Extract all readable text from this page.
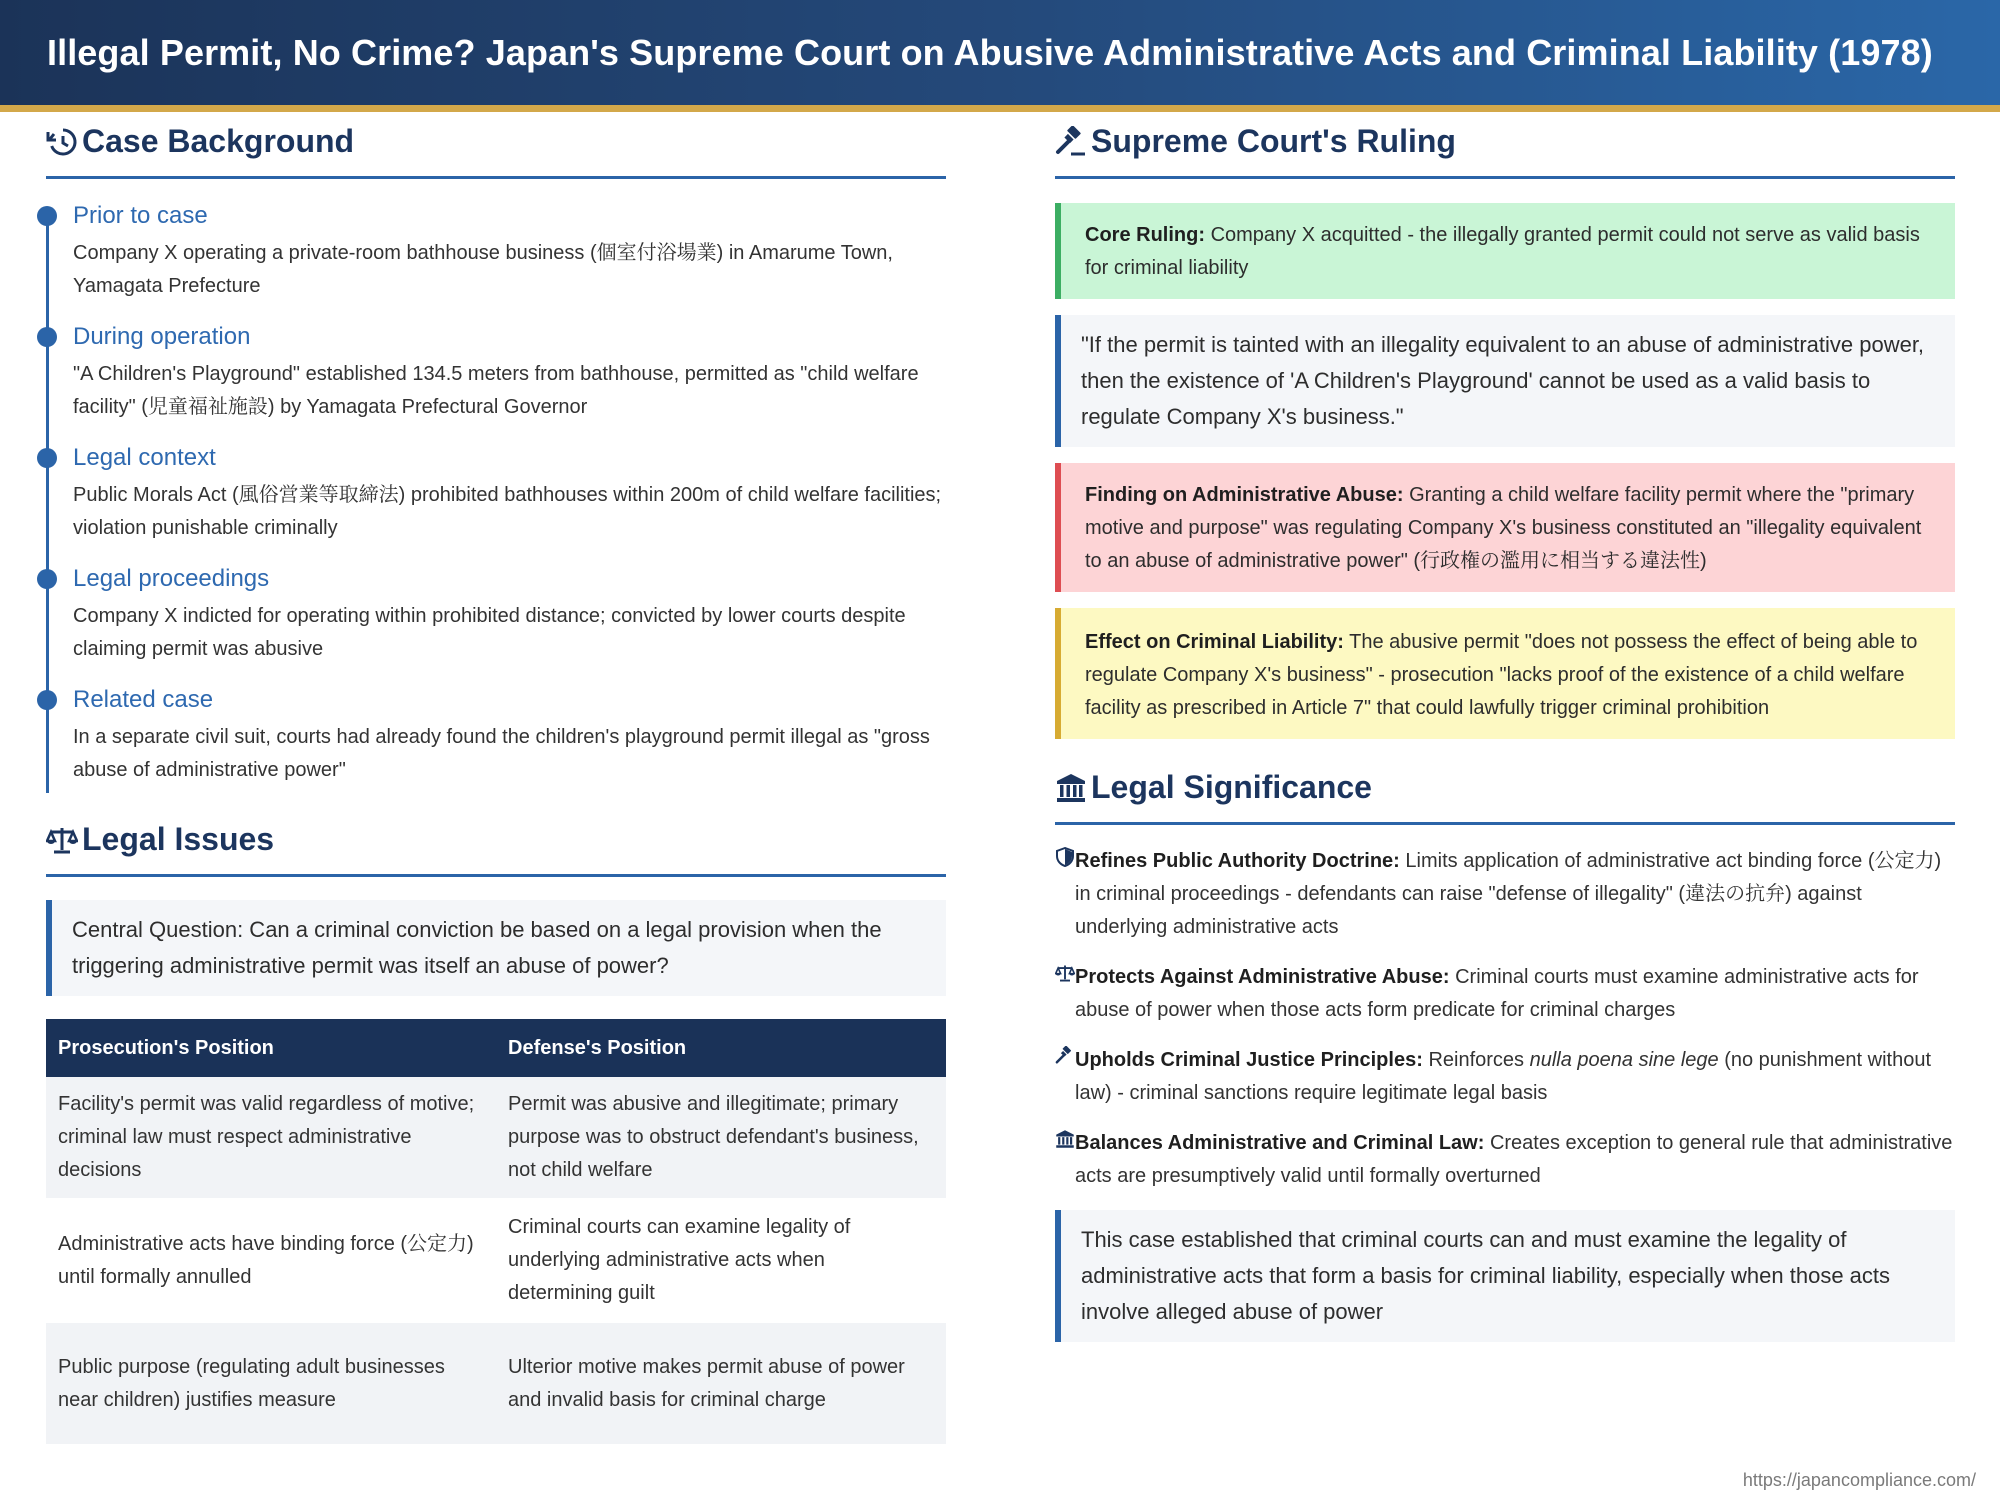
Illegal Permit, No Crime? Japan's Supreme Court on Abusive Administrative Acts and Criminal Liability (1978)
Case Background
Prior to case
Company X operating a private-room bathhouse business (個室付浴場業) in Amarume Town, Yamagata Prefecture
During operation
"A Children's Playground" established 134.5 meters from bathhouse, permitted as "child welfare facility" (児童福祉施設) by Yamagata Prefectural Governor
Legal context
Public Morals Act (風俗営業等取締法) prohibited bathhouses within 200m of child welfare facilities; violation punishable criminally
Legal proceedings
Company X indicted for operating within prohibited distance; convicted by lower courts despite claiming permit was abusive
Related case
In a separate civil suit, courts had already found the children's playground permit illegal as "gross abuse of administrative power"
Legal Issues
Central Question: Can a criminal conviction be based on a legal provision when the triggering administrative permit was itself an abuse of power?
Prosecution's Position	Defense's Position
Facility's permit was valid regardless of motive; criminal law must respect administrative decisions	Permit was abusive and illegitimate; primary purpose was to obstruct defendant's business, not child welfare
Administrative acts have binding force (公定力) until formally annulled	Criminal courts can examine legality of underlying administrative acts when determining guilt
Public purpose (regulating adult businesses near children) justifies measure	Ulterior motive makes permit abuse of power and invalid basis for criminal charge
Supreme Court's Ruling
Core Ruling: Company X acquitted - the illegally granted permit could not serve as valid basis for criminal liability
"If the permit is tainted with an illegality equivalent to an abuse of administrative power, then the existence of 'A Children's Playground' cannot be used as a valid basis to regulate Company X's business."
Finding on Administrative Abuse: Granting a child welfare facility permit where the "primary motive and purpose" was regulating Company X's business constituted an "illegality equivalent to an abuse of administrative power" (行政権の濫用に相当する違法性)
Effect on Criminal Liability: The abusive permit "does not possess the effect of being able to regulate Company X's business" - prosecution "lacks proof of the existence of a child welfare facility as prescribed in Article 7" that could lawfully trigger criminal prohibition
Legal Significance
Refines Public Authority Doctrine: Limits application of administrative act binding force (公定力) in criminal proceedings - defendants can raise "defense of illegality" (違法の抗弁) against underlying administrative acts
Protects Against Administrative Abuse: Criminal courts must examine administrative acts for abuse of power when those acts form predicate for criminal charges
Upholds Criminal Justice Principles: Reinforces nulla poena sine lege (no punishment without law) - criminal sanctions require legitimate legal basis
Balances Administrative and Criminal Law: Creates exception to general rule that administrative acts are presumptively valid until formally overturned
This case established that criminal courts can and must examine the legality of administrative acts that form a basis for criminal liability, especially when those acts involve alleged abuse of power
https://japancompliance.com/
